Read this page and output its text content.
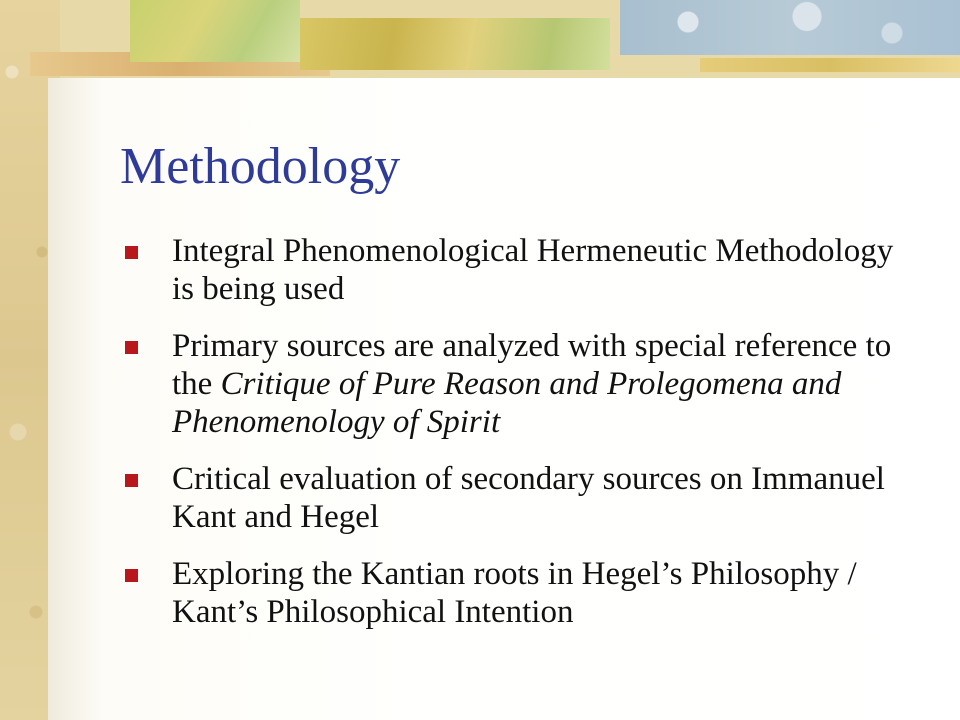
Methodology
Integral Phenomenological Hermeneutic Methodology is being used
Primary sources are analyzed with special reference to the Critique of Pure Reason and Prolegomena and Phenomenology of Spirit
Critical evaluation of secondary sources on Immanuel Kant and Hegel
Exploring the Kantian roots in Hegel’s Philosophy / Kant’s Philosophical Intention
